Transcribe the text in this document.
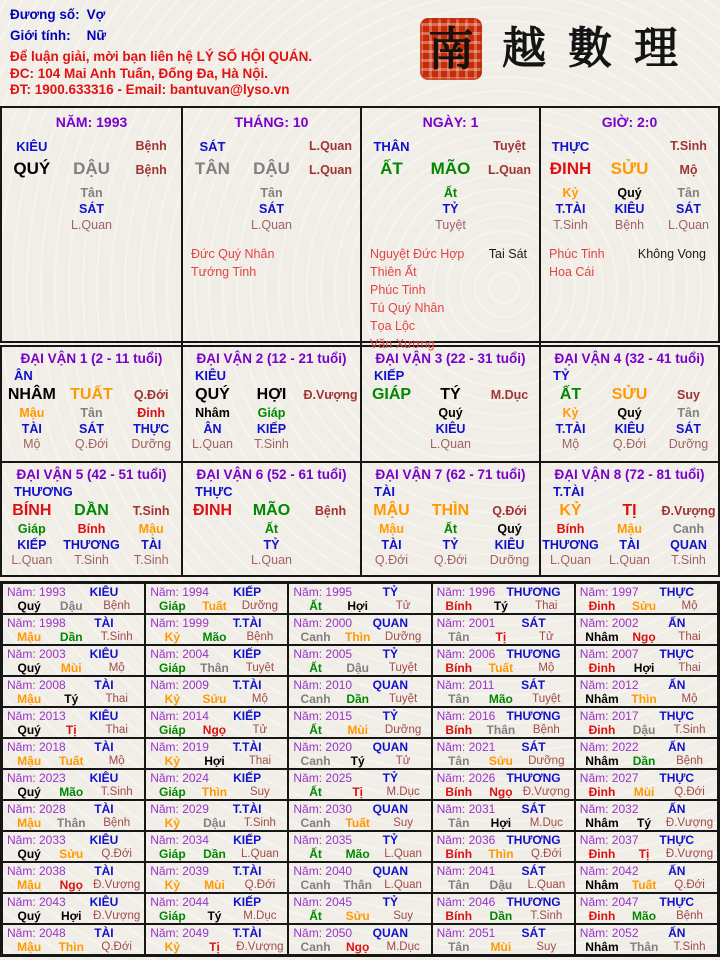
Đương số: Vợ
Giới tính: Nữ
Để luận giải, mời bạn liên hệ LÝ SỐ HỘI QUÁN.
ĐC: 104 Mai Anh Tuấn, Đống Đa, Hà Nội.
ĐT: 1900.633316 - Email: bantuvan@lyso.vn
南 越數理
NĂM: 1993
KIÊU	Bệnh
QUÝ	DẬU	Bệnh
Tân
SÁT
L.Quan
THÁNG: 10
SÁT	L.Quan
TÂN	DẬU	L.Quan
Tân
SÁT
L.Quan
Đức Quý Nhân
Tướng Tinh
NGÀY: 1
THÂN	Tuyệt
ẤT	MÃO	L.Quan
Ất
TỶ
Tuyệt
Nguyệt Đức Hợp
Thiên Ất
Phúc Tinh
Tú Quý Nhân
Tọa Lộc
Văn Xương
Tai Sát
GIỜ: 2:0
THỰC	T.Sinh
ĐINH	SỬU	Mộ
Kỷ
T.TÀI
T.Sinh
Quý
KIÊU
Bệnh
Tân
SÁT
L.Quan
Phúc Tinh
Hoa Cái
Không Vong
ĐẠI VẬN 1 (2 - 11 tuổi)
ÂN
NHÂM TUẤT	Q.Đới
Mậu
TÀI
Mộ
Tân
SÁT
Q.Đới
Đinh
THỰC
Dưỡng
ĐẠI VẬN 2 (12 - 21 tuổi)
KIÊU
QUÝ	HỢI	Đ.Vượng
Nhâm
ÂN
L.Quan
Giáp
KIẾP
T.Sinh
ĐẠI VẬN 3 (22 - 31 tuổi)
KIẾP
GIÁP	TÝ	M.Dục
Quý
KIÊU
L.Quan
ĐẠI VẬN 4 (32 - 41 tuổi)
TỶ
ẤT	SỬU	Suy
Kỷ
T.TÀI
Mộ
Quý
KIÊU
Q.Đới
Tân
SÁT
Dưỡng
ĐẠI VẬN 5 (42 - 51 tuổi)
THƯƠNG
BÍNH	DẦN	T.Sinh
Giáp
KIẾP
L.Quan
Bính
THƯƠNG
T.Sinh
Mậu
TÀI
T.Sinh
ĐẠI VẬN 6 (52 - 61 tuổi)
THỰC
ĐINH	MÃO	Bệnh
Ất
TỶ
L.Quan
ĐẠI VẬN 7 (62 - 71 tuổi)
TÀI
MẬU	THÌN	Q.Đới
Mậu
TÀI
Q.Đới
Ất
TỶ
Q.Đới
Quý
KIÊU
Dưỡng
ĐẠI VẬN 8 (72 - 81 tuổi)
T.TÀI
KỶ	TỊ	Đ.Vượng
Bính
THƯƠNG
L.Quan
Mậu
TÀI
L.Quan
Canh
QUAN
T.Sinh
Năm: 1993	KIÊU
Quý	Dậu	Bệnh
Năm: 1994	KIẾP
Giáp	Tuất	Dưỡng
Năm: 1995	TỶ
Ất	Hợi	Tử
Năm: 1996 THƯƠNG
Bính	Tý	Thai
Năm: 1997	THỰC
Đinh	Sửu	Mộ
Năm: 1998	TÀI
Mậu	Dần	T.Sinh
Năm: 1999	T.TÀI
Kỷ	Mão	Bệnh
Năm: 2000	QUAN
Canh	Thìn	Dưỡng
Năm: 2001	SÁT
Tân	Tị	Tử
Năm: 2002	ẤN
Nhâm	Ngọ	Thai
Năm: 2003	KIÊU
Quý	Mùi	Mộ
Năm: 2004	KIẾP
Giáp	Thân	Tuyệt
Năm: 2005	TỶ
Ất	Dậu	Tuyệt
Năm: 2006 THƯƠNG
Bính	Tuất	Mộ
Năm: 2007	THỰC
Đinh	Hợi	Thai
Năm: 2008	TÀI
Mậu	Tý	Thai
Năm: 2009	T.TÀI
Kỷ	Sửu	Mộ
Năm: 2010	QUAN
Canh	Dần	Tuyệt
Năm: 2011	SÁT
Tân	Mão	Tuyệt
Năm: 2012	ẤN
Nhâm	Thìn	Mộ
Năm: 2013	KIÊU
Quý	Tị	Thai
Năm: 2014	KIẾP
Giáp	Ngọ	Tử
Năm: 2015	TỶ
Ất	Mùi	Dưỡng
Năm: 2016 THƯƠNG
Bính	Thân	Bệnh
Năm: 2017	THỰC
Đinh	Dậu	T.Sinh
Năm: 2018	TÀI
Mậu	Tuất	Mộ
Năm: 2019	T.TÀI
Kỷ	Hợi	Thai
Năm: 2020	QUAN
Canh	Tý	Tử
Năm: 2021	SÁT
Tân	Sửu	Dưỡng
Năm: 2022	ẤN
Nhâm	Dần	Bệnh
Năm: 2023	KIÊU
Quý	Mão	T.Sinh
Năm: 2024	KIẾP
Giáp	Thìn	Suy
Năm: 2025	TỶ
Ất	Tị	M.Dục
Năm: 2026 THƯƠNG
Bính	Ngọ Đ.Vượng
Năm: 2027	THỰC
Đinh	Mùi	Q.Đới
Năm: 2028	TÀI
Mậu	Thân	Bệnh
Năm: 2029	T.TÀI
Kỷ	Dậu	T.Sinh
Năm: 2030	QUAN
Canh	Tuất	Suy
Năm: 2031	SÁT
Tân	Hợi	M.Dục
Năm: 2032	ẤN
Nhâm	Tý	Đ.Vượng
Năm: 2033	KIÊU
Quý	Sửu	Q.Đới
Năm: 2034	KIẾP
Giáp	Dần	L.Quan
Năm: 2035	TỶ
Ất	Mão	L.Quan
Năm: 2036 THƯƠNG
Bính	Thìn	Q.Đới
Năm: 2037	THỰC
Đinh	Tị	Đ.Vượng
Năm: 2038	TÀI
Mậu	Ngọ Đ.Vượng
Năm: 2039	T.TÀI
Kỷ	Mùi	Q.Đới
Năm: 2040	QUAN
Canh	Thân	L.Quan
Năm: 2041	SÁT
Tân	Dậu	L.Quan
Năm: 2042	ẤN
Nhâm	Tuất	Q.Đới
Năm: 2043	KIÊU
Quý	Hợi	Đ.Vượng
Năm: 2044	KIẾP
Giáp	Tý	M.Dục
Năm: 2045	TỶ
Ất	Sửu	Suy
Năm: 2046 THƯƠNG
Bính	Dần	T.Sinh
Năm: 2047	THỰC
Đinh	Mão	Bệnh
Năm: 2048	TÀI
Mậu	Thìn	Q.Đới
Năm: 2049	T.TÀI
Kỷ	Tị	Đ.Vượng
Năm: 2050	QUAN
Canh	Ngọ	M.Dục
Năm: 2051	SÁT
Tân	Mùi	Suy
Năm: 2052	ẤN
Nhâm Thân	T.Sinh
